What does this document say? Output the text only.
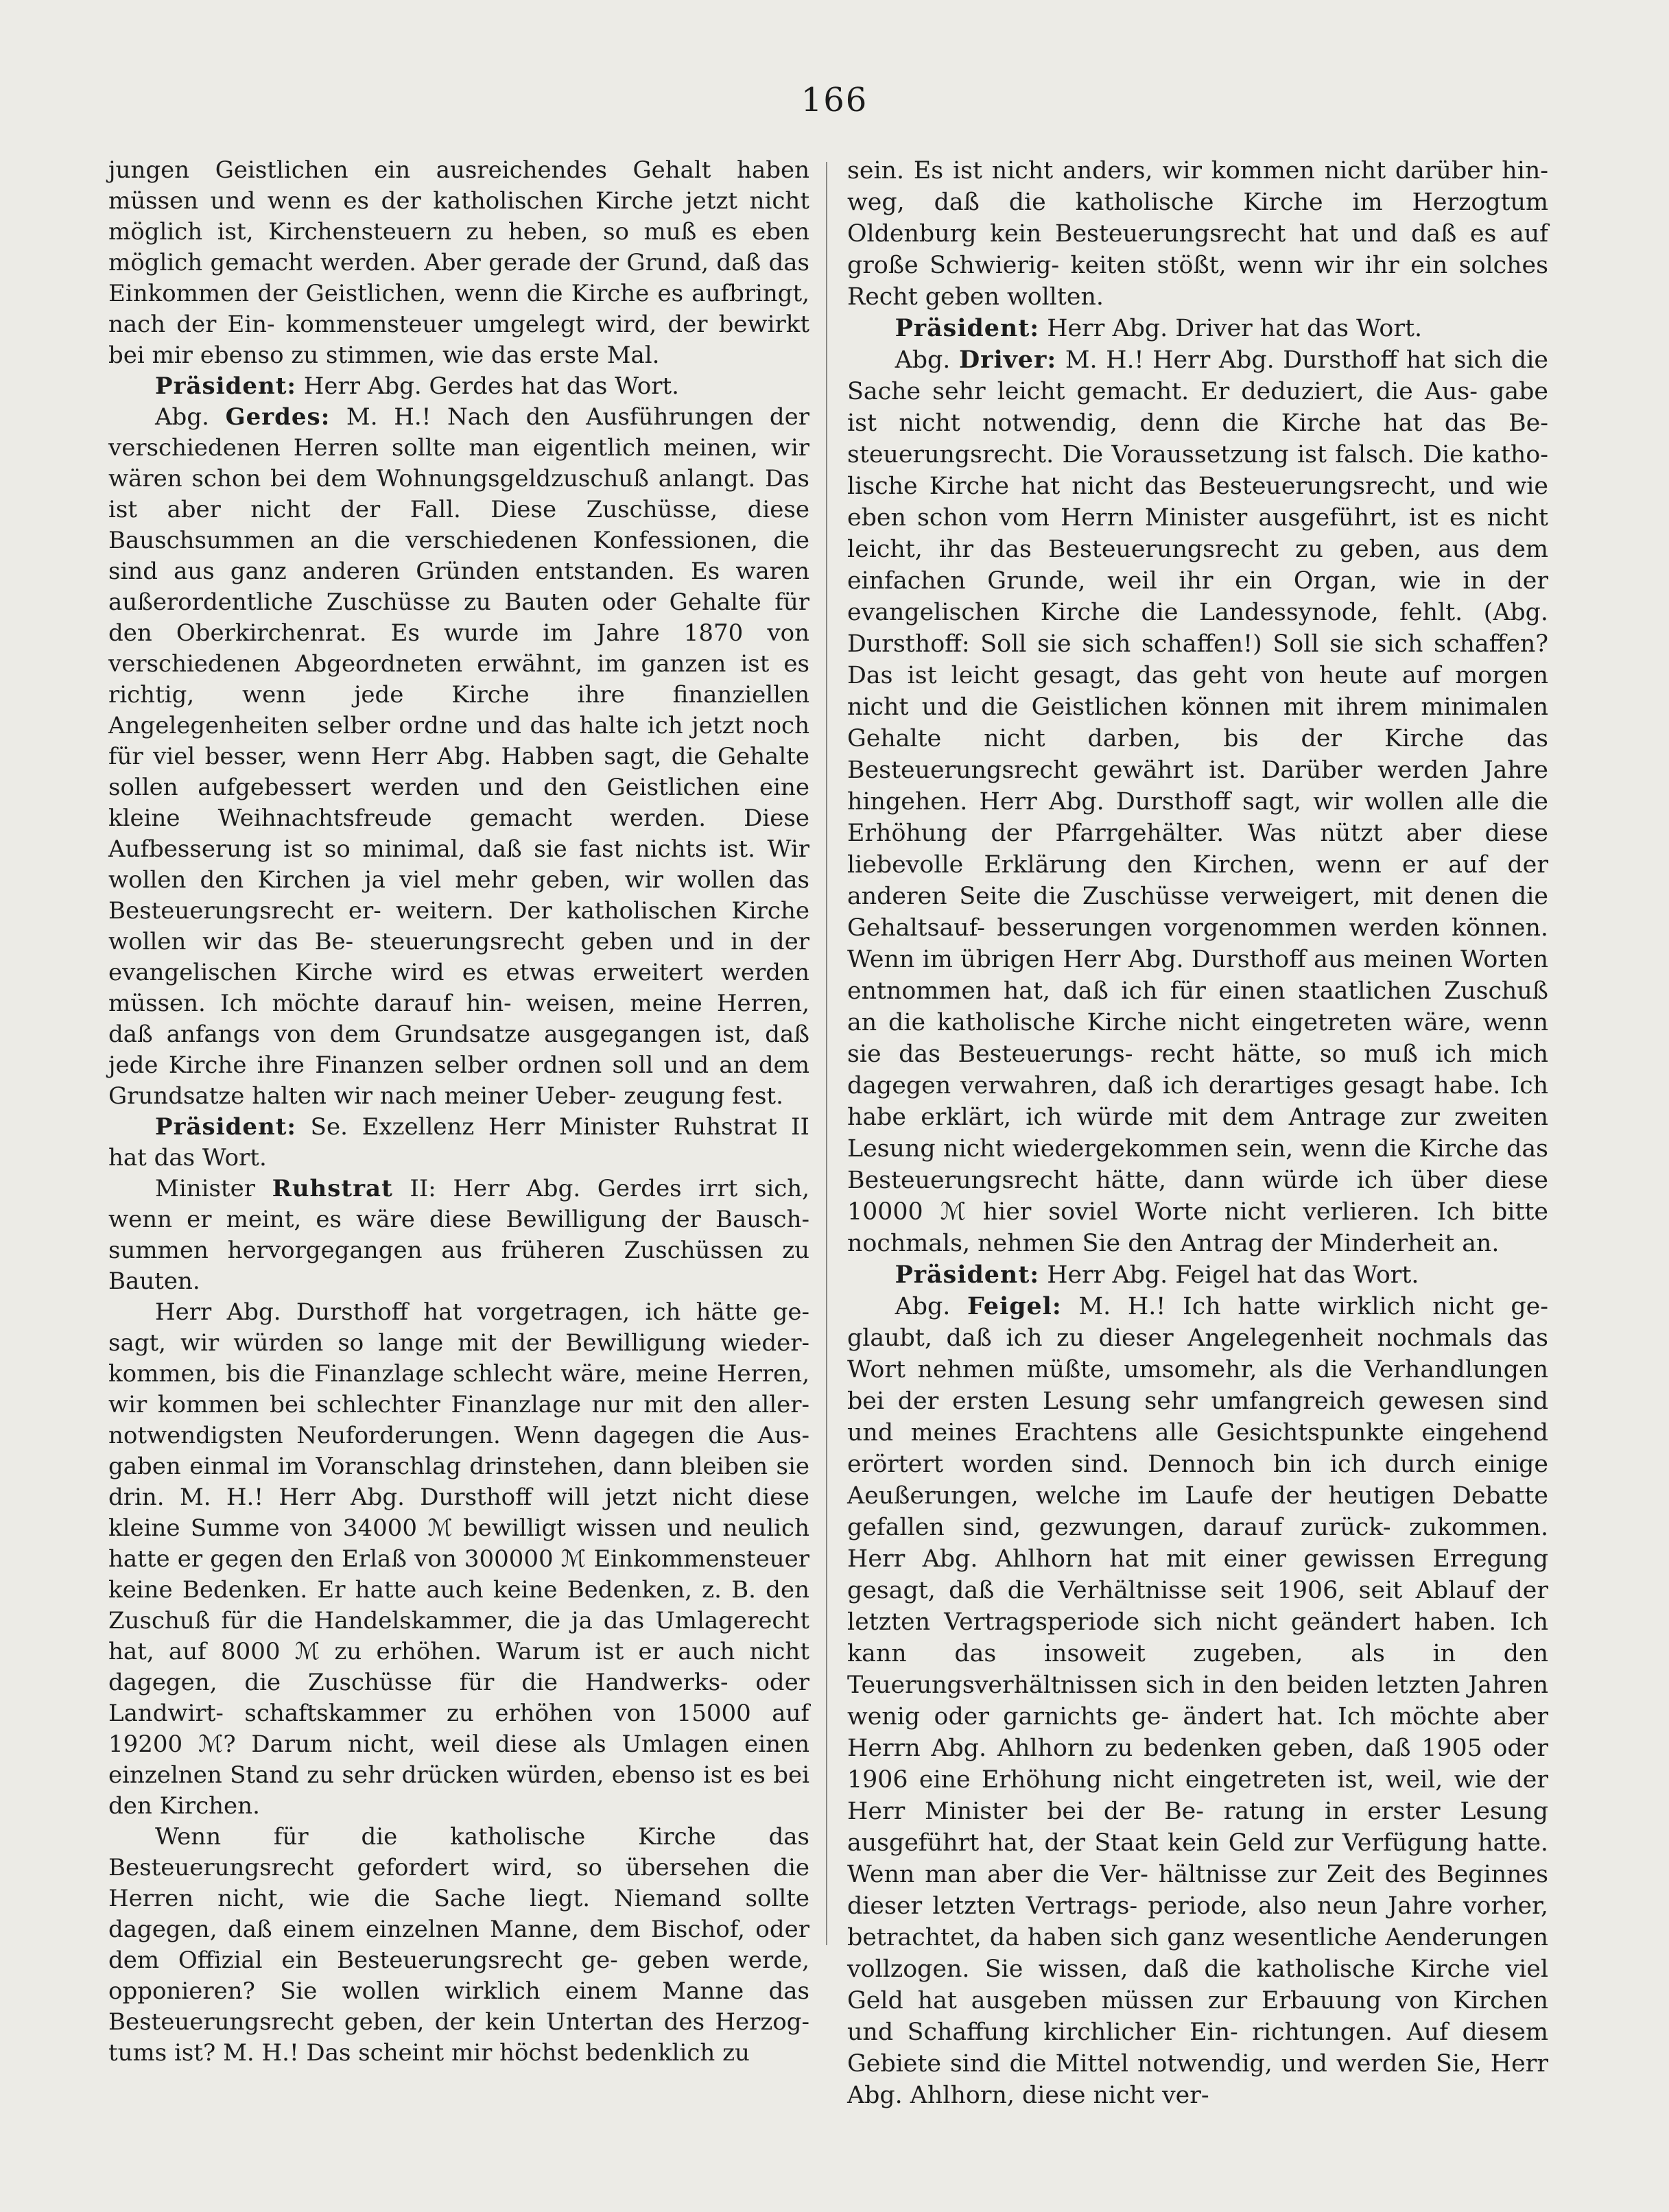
166

jungen Geistlichen ein ausreichendes Gehalt haben müssen und wenn es der katholischen Kirche jetzt nicht möglich ist, Kirchensteuern zu heben, so muß es eben möglich gemacht werden. Aber gerade der Grund, daß das Einkommen der Geistlichen, wenn die Kirche es aufbringt, nach der Ein- kommensteuer umgelegt wird, der bewirkt bei mir ebenso zu stimmen, wie das erste Mal.

Präsident: Herr Abg. Gerdes hat das Wort.

Abg. Gerdes: M. H.! Nach den Ausführungen der verschiedenen Herren sollte man eigentlich meinen, wir wären schon bei dem Wohnungsgeldzuschuß anlangt. Das ist aber nicht der Fall. Diese Zuschüsse, diese Bauschsummen an die verschiedenen Konfessionen, die sind aus ganz anderen Gründen entstanden. Es waren außerordentliche Zuschüsse zu Bauten oder Gehalte für den Oberkirchenrat. Es wurde im Jahre 1870 von verschiedenen Abgeordneten erwähnt, im ganzen ist es richtig, wenn jede Kirche ihre finanziellen Angelegenheiten selber ordne und das halte ich jetzt noch für viel besser, wenn Herr Abg. Habben sagt, die Gehalte sollen aufgebessert werden und den Geistlichen eine kleine Weihnachtsfreude gemacht werden. Diese Aufbesserung ist so minimal, daß sie fast nichts ist. Wir wollen den Kirchen ja viel mehr geben, wir wollen das Besteuerungsrecht er- weitern. Der katholischen Kirche wollen wir das Be- steuerungsrecht geben und in der evangelischen Kirche wird es etwas erweitert werden müssen. Ich möchte darauf hin- weisen, meine Herren, daß anfangs von dem Grundsatze ausgegangen ist, daß jede Kirche ihre Finanzen selber ordnen soll und an dem Grundsatze halten wir nach meiner Ueber- zeugung fest.

Präsident: Se. Exzellenz Herr Minister Ruhstrat II hat das Wort.

Minister Ruhstrat II: Herr Abg. Gerdes irrt sich, wenn er meint, es wäre diese Bewilligung der Bausch- summen hervorgegangen aus früheren Zuschüssen zu Bauten.

Herr Abg. Dursthoff hat vorgetragen, ich hätte ge- sagt, wir würden so lange mit der Bewilligung wieder- kommen, bis die Finanzlage schlecht wäre, meine Herren, wir kommen bei schlechter Finanzlage nur mit den aller- notwendigsten Neuforderungen. Wenn dagegen die Aus- gaben einmal im Voranschlag drinstehen, dann bleiben sie drin. M. H.! Herr Abg. Dursthoff will jetzt nicht diese kleine Summe von 34000 ℳ bewilligt wissen und neulich hatte er gegen den Erlaß von 300000 ℳ Einkommensteuer keine Bedenken. Er hatte auch keine Bedenken, z. B. den Zuschuß für die Handelskammer, die ja das Umlagerecht hat, auf 8000 ℳ zu erhöhen. Warum ist er auch nicht dagegen, die Zuschüsse für die Handwerks- oder Landwirt- schaftskammer zu erhöhen von 15000 auf 19200 ℳ? Darum nicht, weil diese als Umlagen einen einzelnen Stand zu sehr drücken würden, ebenso ist es bei den Kirchen.

Wenn für die katholische Kirche das Besteuerungsrecht gefordert wird, so übersehen die Herren nicht, wie die Sache liegt. Niemand sollte dagegen, daß einem einzelnen Manne, dem Bischof, oder dem Offizial ein Besteuerungsrecht ge- geben werde, opponieren? Sie wollen wirklich einem Manne das Besteuerungsrecht geben, der kein Untertan des Herzog- tums ist? M. H.! Das scheint mir höchst bedenklich zu

sein. Es ist nicht anders, wir kommen nicht darüber hin- weg, daß die katholische Kirche im Herzogtum Oldenburg kein Besteuerungsrecht hat und daß es auf große Schwierig- keiten stößt, wenn wir ihr ein solches Recht geben wollten.

Präsident: Herr Abg. Driver hat das Wort.

Abg. Driver: M. H.! Herr Abg. Dursthoff hat sich die Sache sehr leicht gemacht. Er deduziert, die Aus- gabe ist nicht notwendig, denn die Kirche hat das Be- steuerungsrecht. Die Voraussetzung ist falsch. Die katho- lische Kirche hat nicht das Besteuerungsrecht, und wie eben schon vom Herrn Minister ausgeführt, ist es nicht leicht, ihr das Besteuerungsrecht zu geben, aus dem einfachen Grunde, weil ihr ein Organ, wie in der evangelischen Kirche die Landessynode, fehlt. (Abg. Dursthoff: Soll sie sich schaffen!) Soll sie sich schaffen? Das ist leicht gesagt, das geht von heute auf morgen nicht und die Geistlichen können mit ihrem minimalen Gehalte nicht darben, bis der Kirche das Besteuerungsrecht gewährt ist. Darüber werden Jahre hingehen. Herr Abg. Dursthoff sagt, wir wollen alle die Erhöhung der Pfarrgehälter. Was nützt aber diese liebevolle Erklärung den Kirchen, wenn er auf der anderen Seite die Zuschüsse verweigert, mit denen die Gehaltsauf- besserungen vorgenommen werden können. Wenn im übrigen Herr Abg. Dursthoff aus meinen Worten entnommen hat, daß ich für einen staatlichen Zuschuß an die katholische Kirche nicht eingetreten wäre, wenn sie das Besteuerungs- recht hätte, so muß ich mich dagegen verwahren, daß ich derartiges gesagt habe. Ich habe erklärt, ich würde mit dem Antrage zur zweiten Lesung nicht wiedergekommen sein, wenn die Kirche das Besteuerungsrecht hätte, dann würde ich über diese 10000 ℳ hier soviel Worte nicht verlieren. Ich bitte nochmals, nehmen Sie den Antrag der Minderheit an.

Präsident: Herr Abg. Feigel hat das Wort.

Abg. Feigel: M. H.! Ich hatte wirklich nicht ge- glaubt, daß ich zu dieser Angelegenheit nochmals das Wort nehmen müßte, umsomehr, als die Verhandlungen bei der ersten Lesung sehr umfangreich gewesen sind und meines Erachtens alle Gesichtspunkte eingehend erörtert worden sind. Dennoch bin ich durch einige Aeußerungen, welche im Laufe der heutigen Debatte gefallen sind, gezwungen, darauf zurück- zukommen. Herr Abg. Ahlhorn hat mit einer gewissen Erregung gesagt, daß die Verhältnisse seit 1906, seit Ablauf der letzten Vertragsperiode sich nicht geändert haben. Ich kann das insoweit zugeben, als in den Teuerungsverhältnissen sich in den beiden letzten Jahren wenig oder garnichts ge- ändert hat. Ich möchte aber Herrn Abg. Ahlhorn zu bedenken geben, daß 1905 oder 1906 eine Erhöhung nicht eingetreten ist, weil, wie der Herr Minister bei der Be- ratung in erster Lesung ausgeführt hat, der Staat kein Geld zur Verfügung hatte. Wenn man aber die Ver- hältnisse zur Zeit des Beginnes dieser letzten Vertrags- periode, also neun Jahre vorher, betrachtet, da haben sich ganz wesentliche Aenderungen vollzogen. Sie wissen, daß die katholische Kirche viel Geld hat ausgeben müssen zur Erbauung von Kirchen und Schaffung kirchlicher Ein- richtungen. Auf diesem Gebiete sind die Mittel notwendig, und werden Sie, Herr Abg. Ahlhorn, diese nicht ver-
